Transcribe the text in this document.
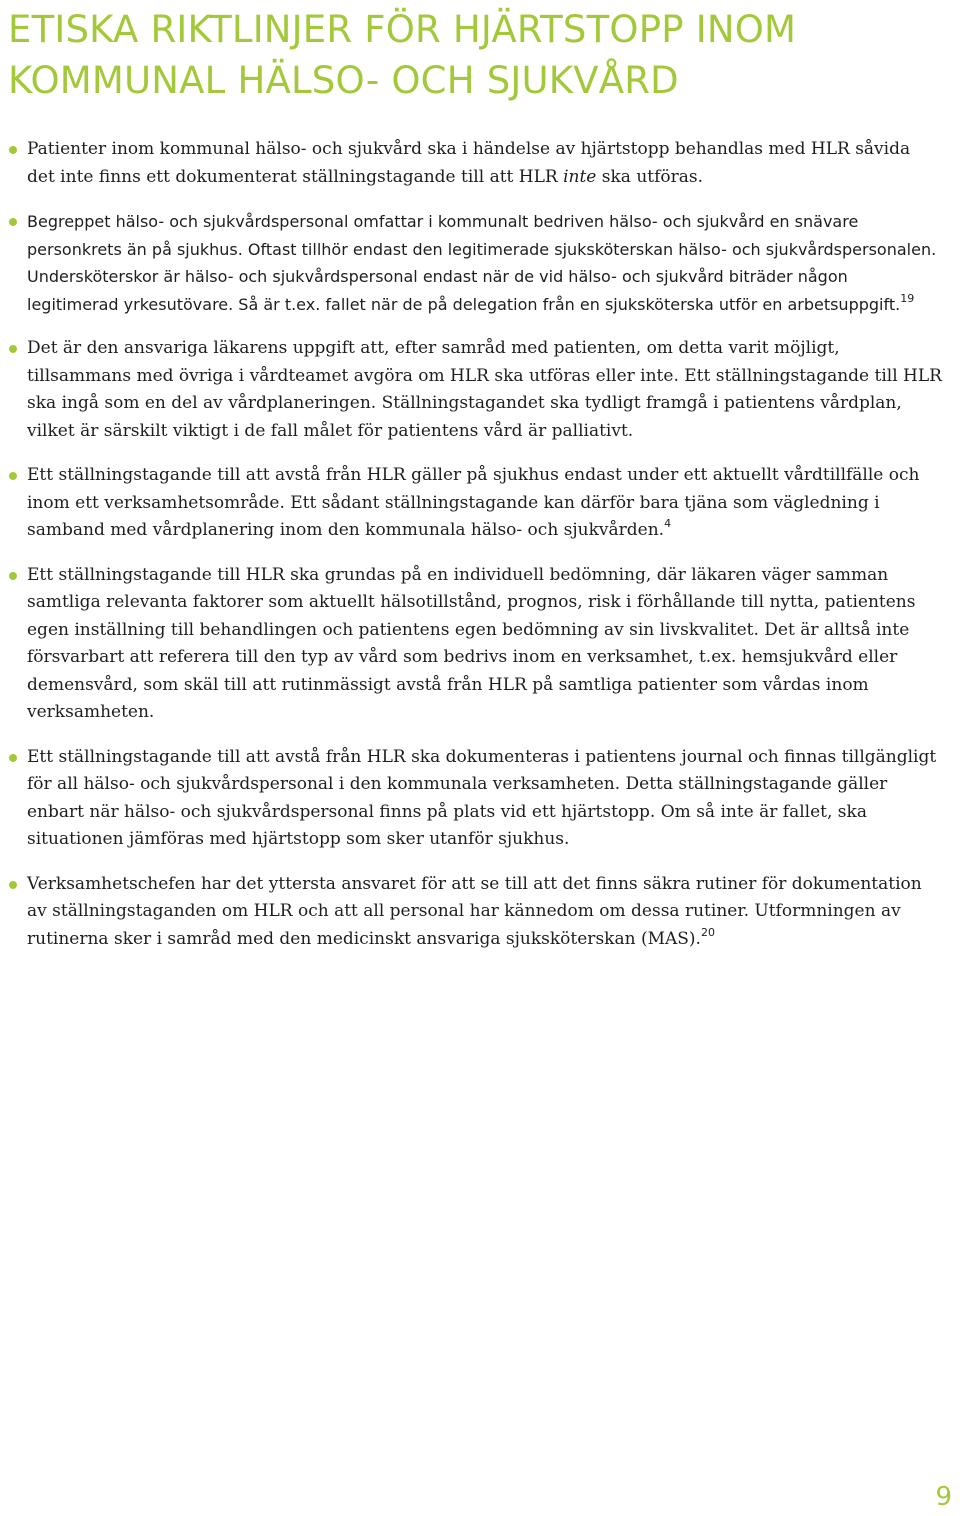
ETISKA RIKTLINJER FÖR HJÄRTSTOPP INOM
KOMMUNAL HÄLSO- OCH SJUKVÅRD
Patienter inom kommunal hälso- och sjukvård ska i händelse av hjärtstopp behandlas med HLR såvida det inte finns ett dokumenterat ställningstagande till att HLR inte ska utföras.
Begreppet hälso- och sjukvårdspersonal omfattar i kommunalt bedriven hälso- och sjukvård en snävare personkrets än på sjukhus. Oftast tillhör endast den legitimerade sjuksköterskan hälso- och sjukvårdspersonalen. Undersköterskor är hälso- och sjukvårdspersonal endast när de vid hälso- och sjukvård biträder någon legitimerad yrkesutövare. Så är t.ex. fallet när de på delegation från en sjuksköterska utför en arbetsuppgift.$^{19}$
Det är den ansvariga läkarens uppgift att, efter samråd med patienten, om detta varit möjligt, tillsammans med övriga i vårdteamet avgöra om HLR ska utföras eller inte. Ett ställningstagande till HLR ska ingå som en del av vårdplaneringen. Ställningstagandet ska tydligt framgå i patientens vårdplan, vilket är särskilt viktigt i de fall målet för patientens vård är palliativt.
Ett ställningstagande till att avstå från HLR gäller på sjukhus endast under ett aktuellt vårdtillfälle och inom ett verksamhetsområde. Ett sådant ställningstagande kan därför bara tjäna som vägledning i samband med vårdplanering inom den kommunala hälso- och sjukvården.$^4$
Ett ställningstagande till HLR ska grundas på en individuell bedömning, där läkaren väger samman samtliga relevanta faktorer som aktuellt hälsotillstånd, prognos, risk i förhållande till nytta, patientens egen inställning till behandlingen och patientens egen bedömning av sin livskvalitet. Det är alltså inte försvarbart att referera till den typ av vård som bedrivs inom en verksamhet, t.ex. hemsjukvård eller demensvård, som skäl till att rutinmässigt avstå från HLR på samtliga patienter som vårdas inom verksamheten.
Ett ställningstagande till att avstå från HLR ska dokumenteras i patientens journal och finnas tillgängligt för all hälso- och sjukvårdspersonal i den kommunala verksamheten. Detta ställningstagande gäller enbart när hälso- och sjukvårdspersonal finns på plats vid ett hjärtstopp. Om så inte är fallet, ska situationen jämföras med hjärtstopp som sker utanför sjukhus.
Verksamhetschefen har det yttersta ansvaret för att se till att det finns säkra rutiner för dokumentation av ställningstaganden om HLR och att all personal har kännedom om dessa rutiner. Utformningen av rutinerna sker i samråd med den medicinskt ansvariga sjuksköterskan (MAS).$^{20}$
9
